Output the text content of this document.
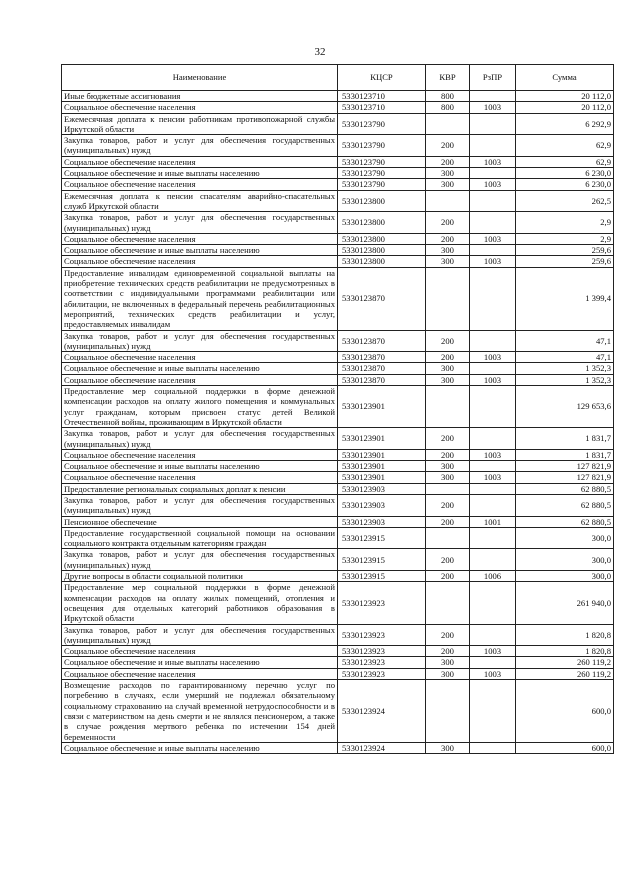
32
Наименование	КЦСР	КВР	РзПР	Сумма
Иные бюджетные ассигнования	5330123710	800		20 112,0
Социальное обеспечение населения	5330123710	800	1003	20 112,0
Ежемесячная доплата к пенсии работникам противопожарной службы Иркутской области	5330123790			6 292,9
Закупка товаров, работ и услуг для обеспечения государственных (муниципальных) нужд	5330123790	200		62,9
Социальное обеспечение населения	5330123790	200	1003	62,9
Социальное обеспечение и иные выплаты населению	5330123790	300		6 230,0
Социальное обеспечение населения	5330123790	300	1003	6 230,0
Ежемесячная доплата к пенсии спасателям аварийно-спасательных служб Иркутской области	5330123800			262,5
Закупка товаров, работ и услуг для обеспечения государственных (муниципальных) нужд	5330123800	200		2,9
Социальное обеспечение населения	5330123800	200	1003	2,9
Социальное обеспечение и иные выплаты населению	5330123800	300		259,6
Социальное обеспечение населения	5330123800	300	1003	259,6
Предоставление инвалидам единовременной социальной выплаты на приобретение технических средств реабилитации не предусмотренных в соответствии с индивидуальными программами реабилитации или абилитации, не включенных в федеральный перечень реабилитационных мероприятий, технических средств реабилитации и услуг, предоставляемых инвалидам	5330123870			1 399,4
Закупка товаров, работ и услуг для обеспечения государственных (муниципальных) нужд	5330123870	200		47,1
Социальное обеспечение населения	5330123870	200	1003	47,1
Социальное обеспечение и иные выплаты населению	5330123870	300		1 352,3
Социальное обеспечение населения	5330123870	300	1003	1 352,3
Предоставление мер социальной поддержки в форме денежной компенсации расходов на оплату жилого помещения и коммунальных услуг гражданам, которым присвоен статус детей Великой Отечественной войны, проживающим в Иркутской области	5330123901			129 653,6
Закупка товаров, работ и услуг для обеспечения государственных (муниципальных) нужд	5330123901	200		1 831,7
Социальное обеспечение населения	5330123901	200	1003	1 831,7
Социальное обеспечение и иные выплаты населению	5330123901	300		127 821,9
Социальное обеспечение населения	5330123901	300	1003	127 821,9
Предоставление региональных социальных доплат к пенсии	5330123903			62 880,5
Закупка товаров, работ и услуг для обеспечения государственных (муниципальных) нужд	5330123903	200		62 880,5
Пенсионное обеспечение	5330123903	200	1001	62 880,5
Предоставление государственной социальной помощи на основании социального контракта отдельным категориям граждан	5330123915			300,0
Закупка товаров, работ и услуг для обеспечения государственных (муниципальных) нужд	5330123915	200		300,0
Другие вопросы в области социальной политики	5330123915	200	1006	300,0
Предоставление мер социальной поддержки в форме денежной компенсации расходов на оплату жилых помещений, отопления и освещения для отдельных категорий работников образования в Иркутской области	5330123923			261 940,0
Закупка товаров, работ и услуг для обеспечения государственных (муниципальных) нужд	5330123923	200		1 820,8
Социальное обеспечение населения	5330123923	200	1003	1 820,8
Социальное обеспечение и иные выплаты населению	5330123923	300		260 119,2
Социальное обеспечение населения	5330123923	300	1003	260 119,2
Возмещение расходов по гарантированному перечню услуг по погребению в случаях, если умерший не подлежал обязательному социальному страхованию на случай временной нетрудоспособности и в связи с материнством на день смерти и не являлся пенсионером, а также в случае рождения мертвого ребенка по истечении 154 дней беременности	5330123924			600,0
Социальное обеспечение и иные выплаты населению	5330123924	300		600,0
